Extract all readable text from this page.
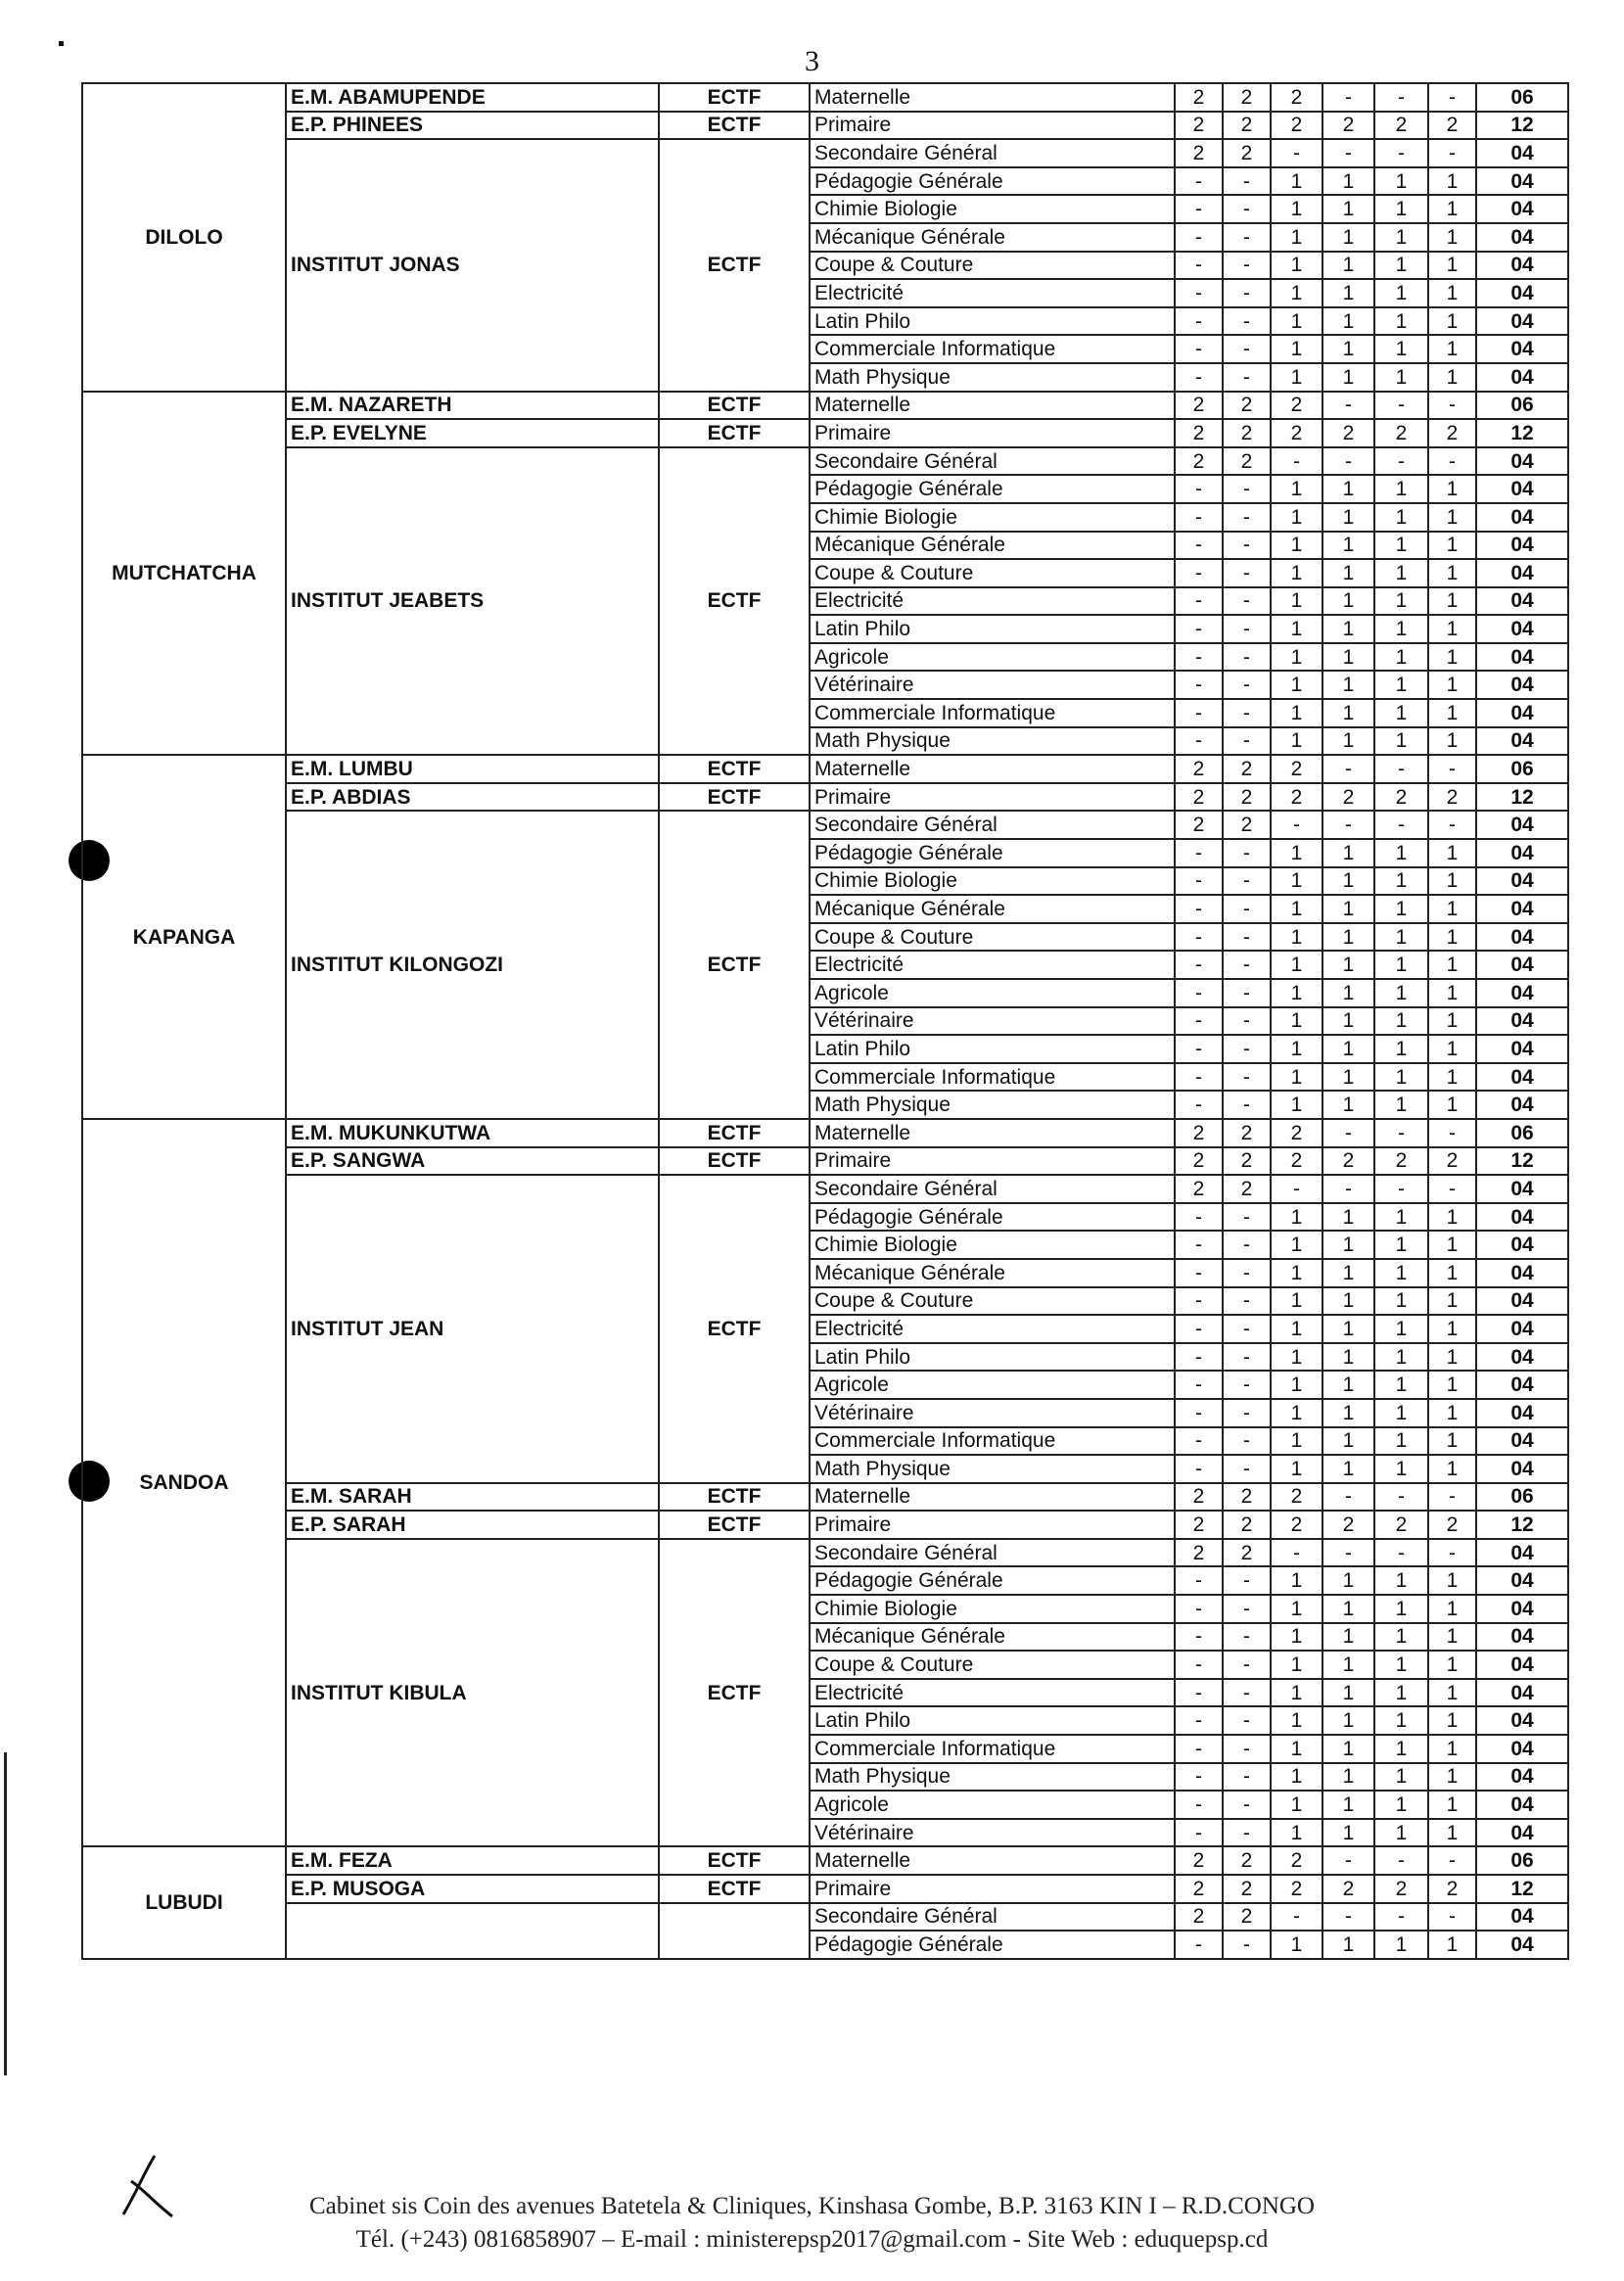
3
DILOLO	E.M. ABAMUPENDE	ECTF	Maternelle	2	2	2	-	-	-	06
	E.P. PHINEES	ECTF	Primaire	2	2	2	2	2	2	12
	INSTITUT JONAS	ECTF	Secondaire Général	2	2	-	-	-	-	04
			Pédagogie Générale	-	-	1	1	1	1	04
			Chimie Biologie	-	-	1	1	1	1	04
			Mécanique Générale	-	-	1	1	1	1	04
			Coupe & Couture	-	-	1	1	1	1	04
			Electricité	-	-	1	1	1	1	04
			Latin Philo	-	-	1	1	1	1	04
			Commerciale Informatique	-	-	1	1	1	1	04
			Math Physique	-	-	1	1	1	1	04
MUTCHATCHA	E.M. NAZARETH	ECTF	Maternelle	2	2	2	-	-	-	06
	E.P. EVELYNE	ECTF	Primaire	2	2	2	2	2	2	12
	INSTITUT JEABETS	ECTF	Secondaire Général	2	2	-	-	-	-	04
			Pédagogie Générale	-	-	1	1	1	1	04
			Chimie Biologie	-	-	1	1	1	1	04
			Mécanique Générale	-	-	1	1	1	1	04
			Coupe & Couture	-	-	1	1	1	1	04
			Electricité	-	-	1	1	1	1	04
			Latin Philo	-	-	1	1	1	1	04
			Agricole	-	-	1	1	1	1	04
			Vétérinaire	-	-	1	1	1	1	04
			Commerciale Informatique	-	-	1	1	1	1	04
			Math Physique	-	-	1	1	1	1	04
KAPANGA	E.M. LUMBU	ECTF	Maternelle	2	2	2	-	-	-	06
	E.P. ABDIAS	ECTF	Primaire	2	2	2	2	2	2	12
	INSTITUT KILONGOZI	ECTF	Secondaire Général	2	2	-	-	-	-	04
			Pédagogie Générale	-	-	1	1	1	1	04
			Chimie Biologie	-	-	1	1	1	1	04
			Mécanique Générale	-	-	1	1	1	1	04
			Coupe & Couture	-	-	1	1	1	1	04
			Electricité	-	-	1	1	1	1	04
			Agricole	-	-	1	1	1	1	04
			Vétérinaire	-	-	1	1	1	1	04
			Latin Philo	-	-	1	1	1	1	04
			Commerciale Informatique	-	-	1	1	1	1	04
			Math Physique	-	-	1	1	1	1	04
SANDOA	E.M. MUKUNKUTWA	ECTF	Maternelle	2	2	2	-	-	-	06
	E.P. SANGWA	ECTF	Primaire	2	2	2	2	2	2	12
	INSTITUT JEAN	ECTF	Secondaire Général	2	2	-	-	-	-	04
			Pédagogie Générale	-	-	1	1	1	1	04
			Chimie Biologie	-	-	1	1	1	1	04
			Mécanique Générale	-	-	1	1	1	1	04
			Coupe & Couture	-	-	1	1	1	1	04
			Electricité	-	-	1	1	1	1	04
			Latin Philo	-	-	1	1	1	1	04
			Agricole	-	-	1	1	1	1	04
			Vétérinaire	-	-	1	1	1	1	04
			Commerciale Informatique	-	-	1	1	1	1	04
			Math Physique	-	-	1	1	1	1	04
	E.M. SARAH	ECTF	Maternelle	2	2	2	-	-	-	06
	E.P. SARAH	ECTF	Primaire	2	2	2	2	2	2	12
	INSTITUT KIBULA	ECTF	Secondaire Général	2	2	-	-	-	-	04
			Pédagogie Générale	-	-	1	1	1	1	04
			Chimie Biologie	-	-	1	1	1	1	04
			Mécanique Générale	-	-	1	1	1	1	04
			Coupe & Couture	-	-	1	1	1	1	04
			Electricité	-	-	1	1	1	1	04
			Latin Philo	-	-	1	1	1	1	04
			Commerciale Informatique	-	-	1	1	1	1	04
			Math Physique	-	-	1	1	1	1	04
			Agricole	-	-	1	1	1	1	04
			Vétérinaire	-	-	1	1	1	1	04
LUBUDI	E.M. FEZA	ECTF	Maternelle	2	2	2	-	-	-	06
	E.P. MUSOGA	ECTF	Primaire	2	2	2	2	2	2	12
			Secondaire Général	2	2	-	-	-	-	04
			Pédagogie Générale	-	-	1	1	1	1	04
Cabinet sis Coin des avenues Batetela & Cliniques, Kinshasa Gombe, B.P. 3163 KIN I – R.D.CONGO
Tél. (+243) 0816858907 – E-mail : ministerepsp2017@gmail.com - Site Web : eduquepsp.cd
